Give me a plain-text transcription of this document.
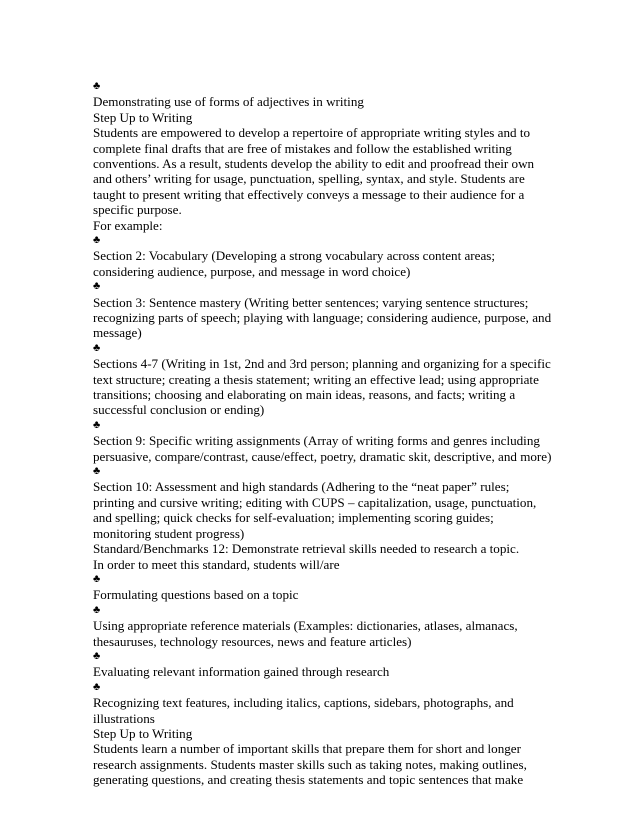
♣
Demonstrating use of forms of adjectives in writing
Step Up to Writing
Students are empowered to develop a repertoire of appropriate writing styles and to complete final drafts that are free of mistakes and follow the established writing conventions. As a result, students develop the ability to edit and proofread their own and others’ writing for usage, punctuation, spelling, syntax, and style. Students are taught to present writing that effectively conveys a message to their audience for a specific purpose.
For example:
♣
Section 2: Vocabulary (Developing a strong vocabulary across content areas; considering audience, purpose, and message in word choice)
♣
Section 3: Sentence mastery (Writing better sentences; varying sentence structures; recognizing parts of speech; playing with language; considering audience, purpose, and message)
♣
Sections 4-7 (Writing in 1st, 2nd and 3rd person; planning and organizing for a specific text structure; creating a thesis statement; writing an effective lead; using appropriate transitions; choosing and elaborating on main ideas, reasons, and facts; writing a successful conclusion or ending)
♣
Section 9: Specific writing assignments (Array of writing forms and genres including persuasive, compare/contrast, cause/effect, poetry, dramatic skit, descriptive, and more)
♣
Section 10: Assessment and high standards (Adhering to the “neat paper” rules; printing and cursive writing; editing with CUPS – capitalization, usage, punctuation, and spelling; quick checks for self-evaluation; implementing scoring guides; monitoring student progress)
Standard/Benchmarks 12: Demonstrate retrieval skills needed to research a topic.
In order to meet this standard, students will/are
♣
Formulating questions based on a topic
♣
Using appropriate reference materials (Examples: dictionaries, atlases, almanacs, thesauruses, technology resources, news and feature articles)
♣
Evaluating relevant information gained through research
♣
Recognizing text features, including italics, captions, sidebars, photographs, and illustrations
Step Up to Writing
Students learn a number of important skills that prepare them for short and longer research assignments. Students master skills such as taking notes, making outlines, generating questions, and creating thesis statements and topic sentences that make
